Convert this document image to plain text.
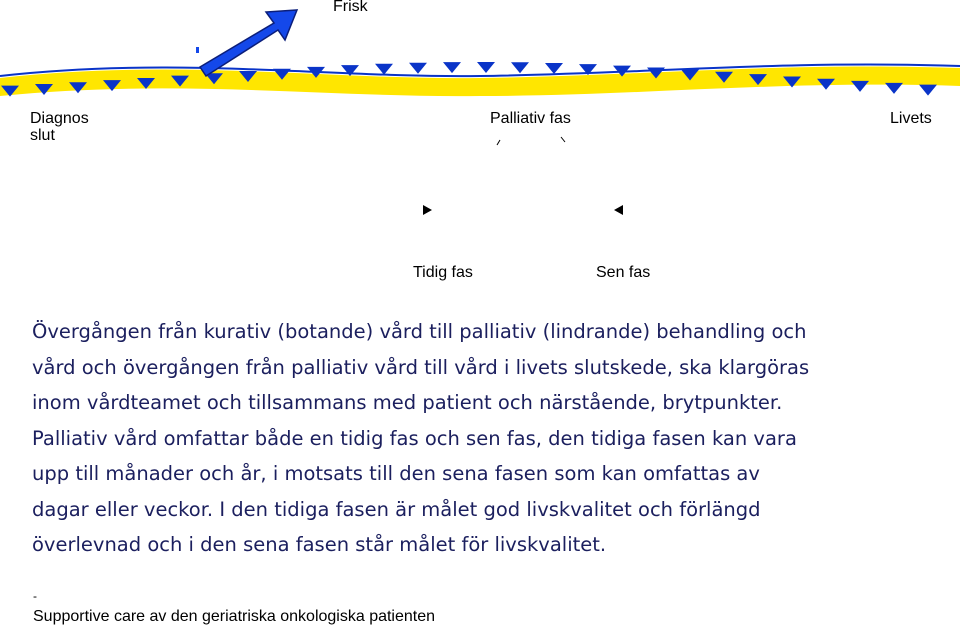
Frisk
Diagnos
slut
Palliativ fas	Livets
Tidig fas	Sen fas

Övergången från kurativ (botande) vård till palliativ (lindrande) behandling och

vård och övergången från palliativ vård till vård i livets slutskede, ska klargöras

inom vårdteamet och tillsammans med patient och närstående, brytpunkter.

Palliativ vård omfattar både en tidig fas och sen fas, den tidiga fasen kan vara

upp till månader och år, i motsats till den sena fasen som kan omfattas av

dagar eller veckor. I den tidiga fasen är målet god livskvalitet och förlängd

överlevnad och i den sena fasen står målet för livskvalitet.

-
Supportive care av den geriatriska onkologiska patienten
